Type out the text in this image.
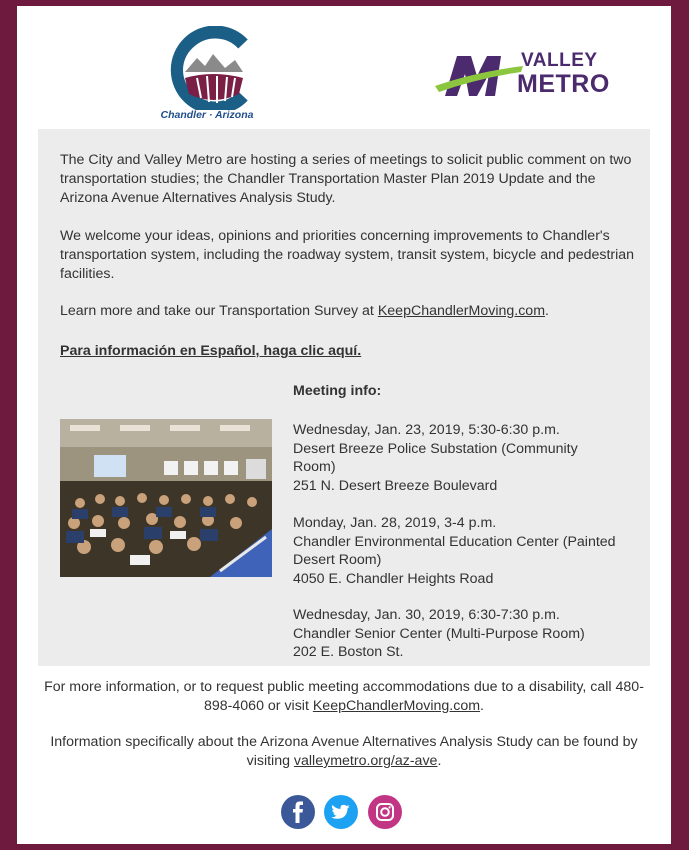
Chandler · Arizona
VALLEY
METRO

The City and Valley Metro are hosting a series of meetings to solicit public comment on two transportation studies; the Chandler Transportation Master Plan 2019 Update and the Arizona Avenue Alternatives Analysis Study.

We welcome your ideas, opinions and priorities concerning improvements to Chandler's transportation system, including the roadway system, transit system, bicycle and pedestrian facilities.

Learn more and take our Transportation Survey at KeepChandlerMoving.com.

Para información en Español, haga clic aquí.

Meeting info:
Wednesday, Jan. 23, 2019, 5:30-6:30 p.m.
Desert Breeze Police Substation (Community Room)
251 N. Desert Breeze Boulevard
Monday, Jan. 28, 2019, 3-4 p.m.
Chandler Environmental Education Center (Painted Desert Room)
4050 E. Chandler Heights Road
Wednesday, Jan. 30, 2019, 6:30-7:30 p.m.
Chandler Senior Center (Multi-Purpose Room)
202 E. Boston St.
For more information, or to request public meeting accommodations due to a disability, call 480-898-4060 or visit KeepChandlerMoving.com.
Information specifically about the Arizona Avenue Alternatives Analysis Study can be found by visiting valleymetro.org/az-ave.
